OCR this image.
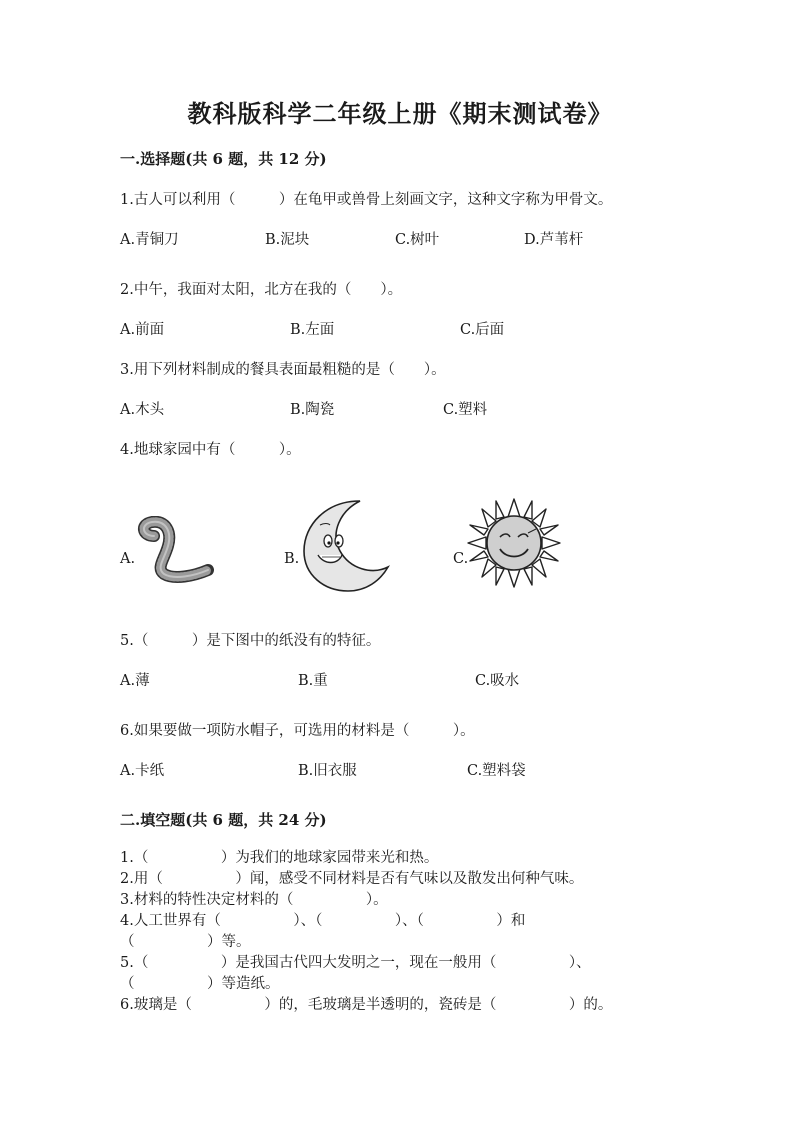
教科版科学二年级上册《期末测试卷》
一.选择题(共 6 题，共 12 分)
1.古人可以利用（　　　）在龟甲或兽骨上刻画文字，这种文字称为甲骨文。
A.青铜刀	B.泥块	C.树叶	D.芦苇杆
2.中午，我面对太阳，北方在我的（　　）。
A.前面	B.左面	C.后面
3.用下列材料制成的餐具表面最粗糙的是（　　）。
A.木头	B.陶瓷	C.塑料
4.地球家园中有（　　　）。
A.	B.	C.
5.（　　　）是下图中的纸没有的特征。
A.薄	B.重	C.吸水
6.如果要做一项防水帽子，可选用的材料是（　　　）。
A.卡纸	B.旧衣服	C.塑料袋
二.填空题(共 6 题，共 24 分)
1.（　　　　　）为我们的地球家园带来光和热。
2.用（　　　　　）闻，感受不同材料是否有气味以及散发出何种气味。
3.材料的特性决定材料的（　　　　　）。
4.人工世界有（　　　　　）、（　　　　　）、（　　　　　）和
（　　　　　）等。
5.（　　　　　）是我国古代四大发明之一，现在一般用（　　　　　）、
（　　　　　）等造纸。
6.玻璃是（　　　　　）的，毛玻璃是半透明的，瓷砖是（　　　　　）的。
